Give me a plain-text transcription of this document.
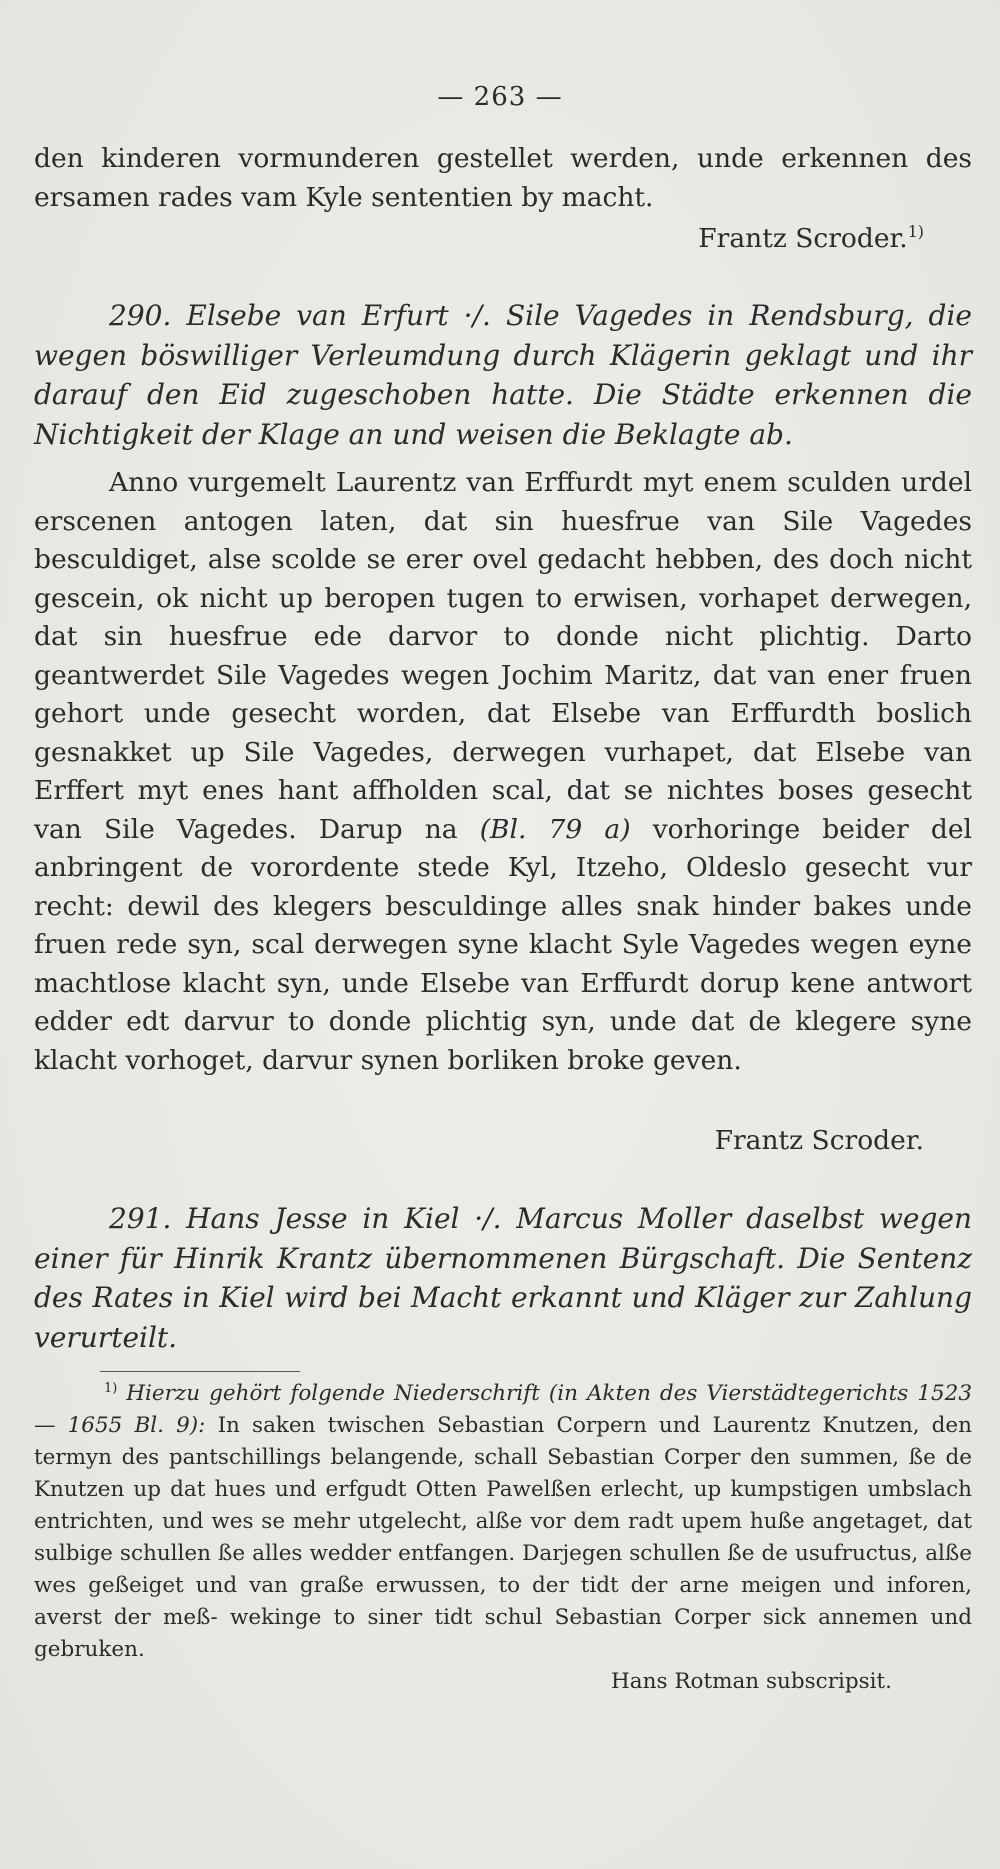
— 263 —
den kinderen vormunderen gestellet werden, unde erkennen des ersamen rades vam Kyle sententien by macht.
Frantz Scroder.$^{1)}$
290. Elsebe van Erfurt ·/. Sile Vagedes in Rendsburg, die wegen böswilliger Verleumdung durch Klägerin geklagt und ihr darauf den Eid zugeschoben hatte. Die Städte erkennen die Nichtigkeit der Klage an und weisen die Beklagte ab.
Anno vurgemelt Laurentz van Erffurdt myt enem sculden urdel erscenen antogen laten, dat sin huesfrue van Sile Vagedes besculdiget, alse scolde se erer ovel gedacht hebben, des doch nicht gescein, ok nicht up beropen tugen to erwisen, vorhapet derwegen, dat sin huesfrue ede darvor to donde nicht plichtig. Darto geantwerdet Sile Vagedes wegen Jochim Maritz, dat van ener fruen gehort unde gesecht worden, dat Elsebe van Erffurdth boslich gesnakket up Sile Vagedes, derwegen vurhapet, dat Elsebe van Erffert myt enes hant affholden scal, dat se nichtes boses gesecht van Sile Vagedes. Darup na (Bl. 79 a) vorhoringe beider del anbringent de vorordente stede Kyl, Itzeho, Oldeslo gesecht vur recht: dewil des klegers besculdinge alles snak hinder bakes unde fruen rede syn, scal derwegen syne klacht Syle Vagedes wegen eyne machtlose klacht syn, unde Elsebe van Erffurdt dorup kene antwort edder edt darvur to donde plichtig syn, unde dat de klegere syne klacht vorhoget, darvur synen borliken broke geven.
Frantz Scroder.
291. Hans Jesse in Kiel ·/. Marcus Moller daselbst wegen einer für Hinrik Krantz übernommenen Bürgschaft. Die Sentenz des Rates in Kiel wird bei Macht erkannt und Kläger zur Zahlung verurteilt.
$^{1)}$ Hierzu gehört folgende Niederschrift (in Akten des Vierstädtegerichts 1523 — 1655 Bl. 9): In saken twischen Sebastian Corpern und Laurentz Knutzen, den termyn des pantschillings belangende, schall Sebastian Corper den summen, ße de Knutzen up dat hues und erfgudt Otten Pawelßen erlecht, up kumpstigen umbslach entrichten, und wes se mehr utgelecht, alße vor dem radt upem huße angetaget, dat sulbige schullen ße alles wedder entfangen. Darjegen schullen ße de usufructus, alße wes geßeiget und van graße erwussen, to der tidt der arne meigen und inforen, averst der meß- wekinge to siner tidt schul Sebastian Corper sick annemen und gebruken.
Hans Rotman subscripsit.
